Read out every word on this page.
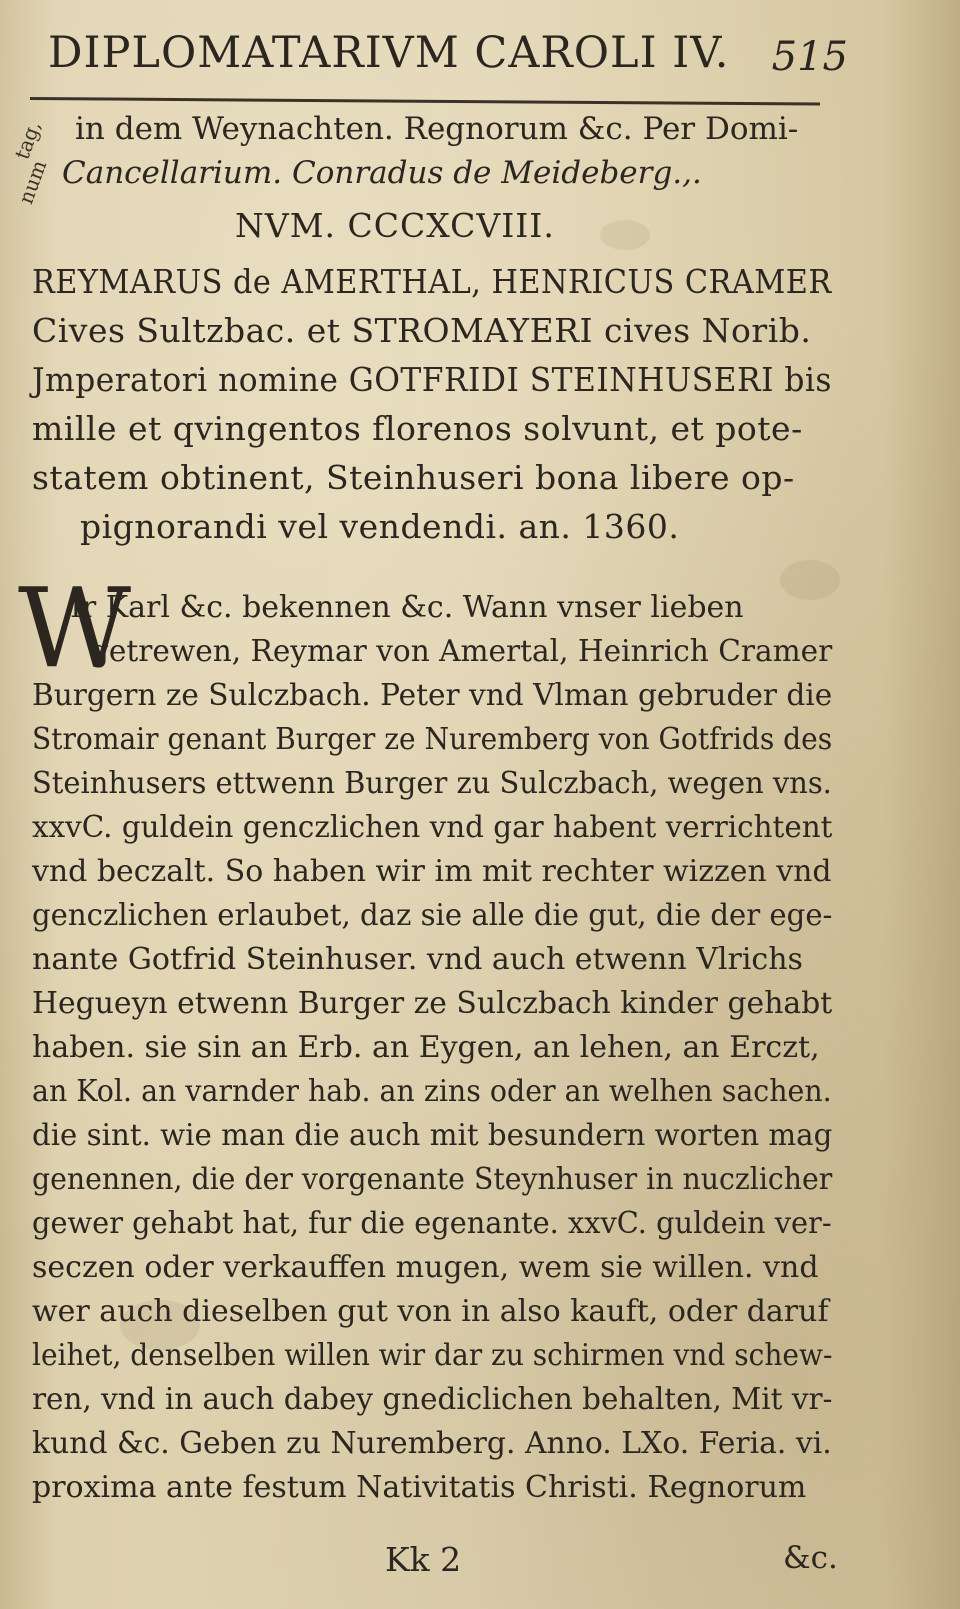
DIPLOMATARIVM CAROLI IV. 515
tag,
num
in dem Weynachten. Regnorum &c. Per Domi-
Cancellarium. Conradus de Meideberg.,.
NVM. CCCXCVIII.
REYMARUS de AMERTHAL, HENRICUS CRAMER
Cives Sultzbac. et STROMAYERI cives Norib.
Jmperatori nomine GOTFRIDI STEINHUSERI bis
mille et qvingentos florenos solvunt, et pote-
statem obtinent, Steinhuseri bona libere op-
pignorandi vel vendendi. an. 1360.
W
Ir Karl &c. bekennen &c. Wann vnser lieben
getrewen, Reymar von Amertal, Heinrich Cramer
Burgern ze Sulczbach. Peter vnd Vlman gebruder die
Stromair genant Burger ze Nuremberg von Gotfrids des
Steinhusers ettwenn Burger zu Sulczbach, wegen vns.
xxvC. guldein genczlichen vnd gar habent verrichtent
vnd beczalt. So haben wir im mit rechter wizzen vnd
genczlichen erlaubet, daz sie alle die gut, die der ege-
nante Gotfrid Steinhuser. vnd auch etwenn Vlrichs
Hegueyn etwenn Burger ze Sulczbach kinder gehabt
haben. sie sin an Erb. an Eygen, an lehen, an Erczt,
an Kol. an varnder hab. an zins oder an welhen sachen.
die sint. wie man die auch mit besundern worten mag
genennen, die der vorgenante Steynhuser in nuczlicher
gewer gehabt hat, fur die egenante. xxvC. guldein ver-
seczen oder verkauffen mugen, wem sie willen. vnd
wer auch dieselben gut von in also kauft, oder daruf
leihet, denselben willen wir dar zu schirmen vnd schew-
ren, vnd in auch dabey gnediclichen behalten, Mit vr-
kund &c. Geben zu Nuremberg. Anno. LXo. Feria. vi.
proxima ante festum Nativitatis Christi. Regnorum
Kk 2	&c.
